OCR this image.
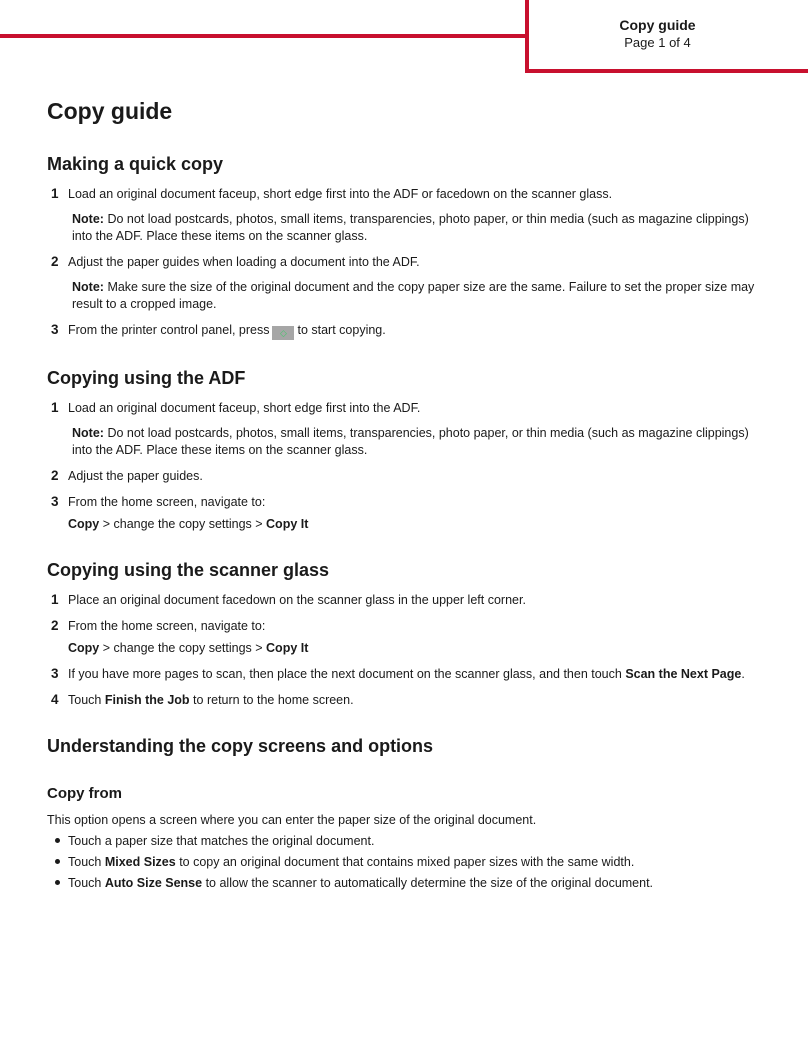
Copy guide
Page 1 of 4
Copy guide
Making a quick copy
1 Load an original document faceup, short edge first into the ADF or facedown on the scanner glass.
Note: Do not load postcards, photos, small items, transparencies, photo paper, or thin media (such as magazine clippings) into the ADF. Place these items on the scanner glass.
2 Adjust the paper guides when loading a document into the ADF.
Note: Make sure the size of the original document and the copy paper size are the same. Failure to set the proper size may result to a cropped image.
3 From the printer control panel, press ◇ to start copying.
Copying using the ADF
1 Load an original document faceup, short edge first into the ADF.
Note: Do not load postcards, photos, small items, transparencies, photo paper, or thin media (such as magazine clippings) into the ADF. Place these items on the scanner glass.
2 Adjust the paper guides.
3 From the home screen, navigate to:
Copy > change the copy settings > Copy It
Copying using the scanner glass
1 Place an original document facedown on the scanner glass in the upper left corner.
2 From the home screen, navigate to:
Copy > change the copy settings > Copy It
3 If you have more pages to scan, then place the next document on the scanner glass, and then touch Scan the Next Page.
4 Touch Finish the Job to return to the home screen.
Understanding the copy screens and options
Copy from

This option opens a screen where you can enter the paper size of the original document.

Touch a paper size that matches the original document.
Touch Mixed Sizes to copy an original document that contains mixed paper sizes with the same width.
Touch Auto Size Sense to allow the scanner to automatically determine the size of the original document.
